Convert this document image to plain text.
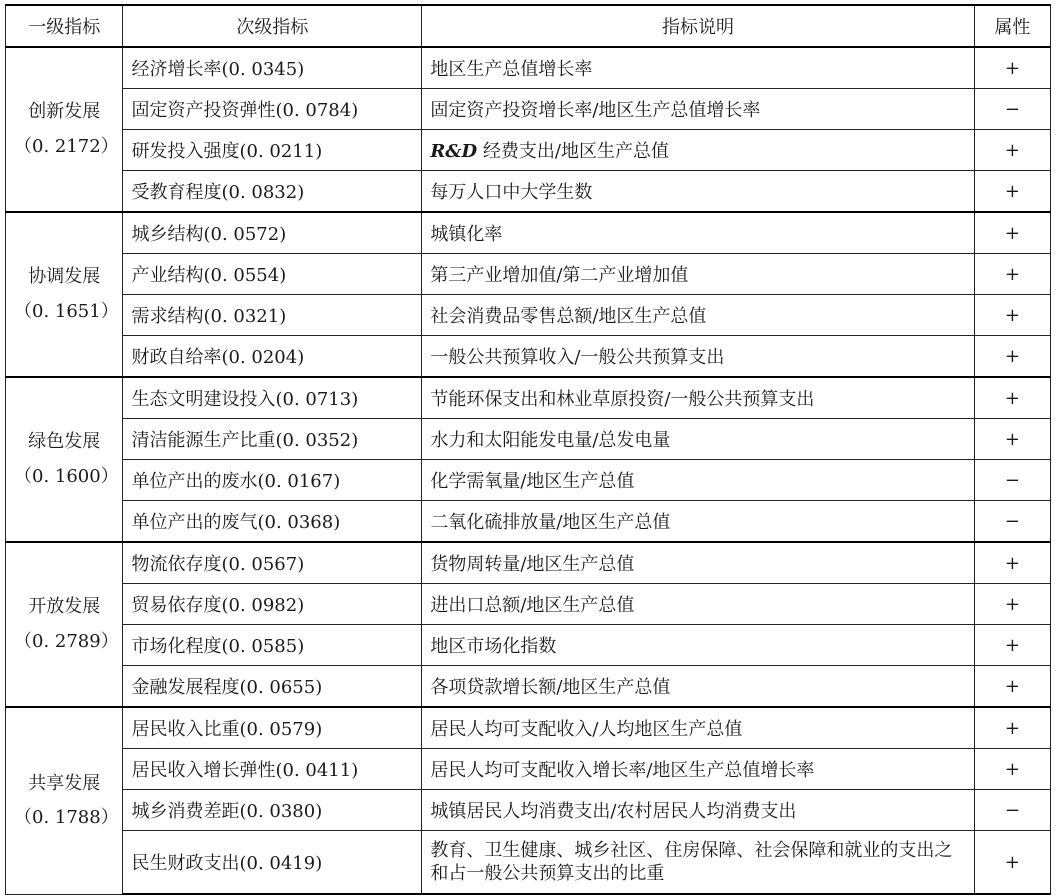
一级指标	次级指标	指标说明	属性

创新发展
（0. 2172）	经济增长率(0. 0345)	地区生产总值增长率	+
	固定资产投资弹性(0. 0784)	固定资产投资增长率/地区生产总值增长率	−
	研发投入强度(0. 0211)	R&D 经费支出/地区生产总值	+
	受教育程度(0. 0832)	每万人口中大学生数	+

协调发展
（0. 1651）	城乡结构(0. 0572)	城镇化率	+
	产业结构(0. 0554)	第三产业增加值/第二产业增加值	+
	需求结构(0. 0321)	社会消费品零售总额/地区生产总值	+
	财政自给率(0. 0204)	一般公共预算收入/一般公共预算支出	+

绿色发展
（0. 1600）	生态文明建设投入(0. 0713)	节能环保支出和林业草原投资/一般公共预算支出	+
	清洁能源生产比重(0. 0352)	水力和太阳能发电量/总发电量	+
	单位产出的废水(0. 0167)	化学需氧量/地区生产总值	−
	单位产出的废气(0. 0368)	二氧化硫排放量/地区生产总值	−

开放发展
（0. 2789）	物流依存度(0. 0567)	货物周转量/地区生产总值	+
	贸易依存度(0. 0982)	进出口总额/地区生产总值	+
	市场化程度(0. 0585)	地区市场化指数	+
	金融发展程度(0. 0655)	各项贷款增长额/地区生产总值	+

共享发展
（0. 1788）	居民收入比重(0. 0579)	居民人均可支配收入/人均地区生产总值	+
	居民收入增长弹性(0. 0411)	居民人均可支配收入增长率/地区生产总值增长率	+
	城乡消费差距(0. 0380)	城镇居民人均消费支出/农村居民人均消费支出	−
	民生财政支出(0. 0419)	教育、卫生健康、城乡社区、住房保障、社会保障和就业的支出之和占一般公共预算支出的比重	+
